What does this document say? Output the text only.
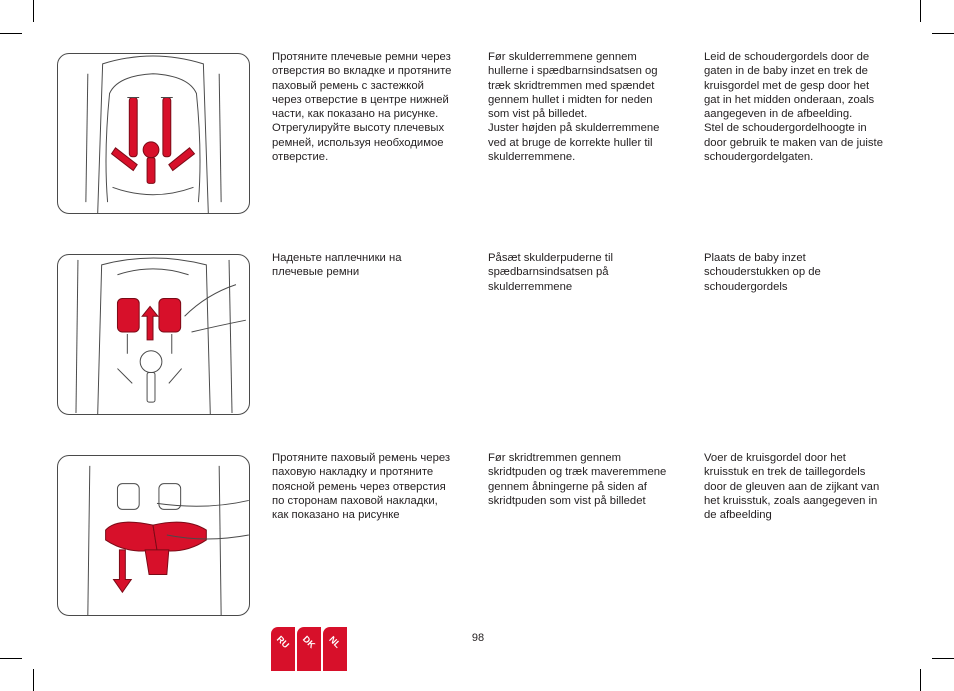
Протяните плечевые ремни через
отверстия во вкладке и протяните
паховый ремень с застежкой
через отверстие в центре нижней
части, как показано на рисунке.
Отрегулируйте высоту плечевых
ремней, используя необходимое
отверстие.

Før skulderremmene gennem
hullerne i spædbarnsindsatsen og
træk skridtremmen med spændet
gennem hullet i midten for neden
som vist på billedet.
Juster højden på skulderremmene
ved at bruge de korrekte huller til
skulderremmene.

Leid de schoudergordels door de
gaten in de baby inzet en trek de
kruisgordel met de gesp door het
gat in het midden onderaan, zoals
aangegeven in de afbeelding.
Stel de schoudergordelhoogte in
door gebruik te maken van de juiste
schoudergordelgaten.

Наденьте наплечники на
плечевые ремни

Påsæt skulderpuderne til
spædbarnsindsatsen på
skulderremmene

Plaats de baby inzet
schouderstukken op de
schoudergordels

Протяните паховый ремень через
паховую накладку и протяните
поясной ремень через отверстия
по сторонам паховой накладки,
как показано на рисунке

Før skridtremmen gennem
skridtpuden og træk maveremmene
gennem åbningerne på siden af
skridtpuden som vist på billedet

Voer de kruisgordel door het
kruisstuk en trek de taillegordels
door de gleuven aan de zijkant van
het kruisstuk, zoals aangegeven in
de afbeelding

RU	DK	NL	98
